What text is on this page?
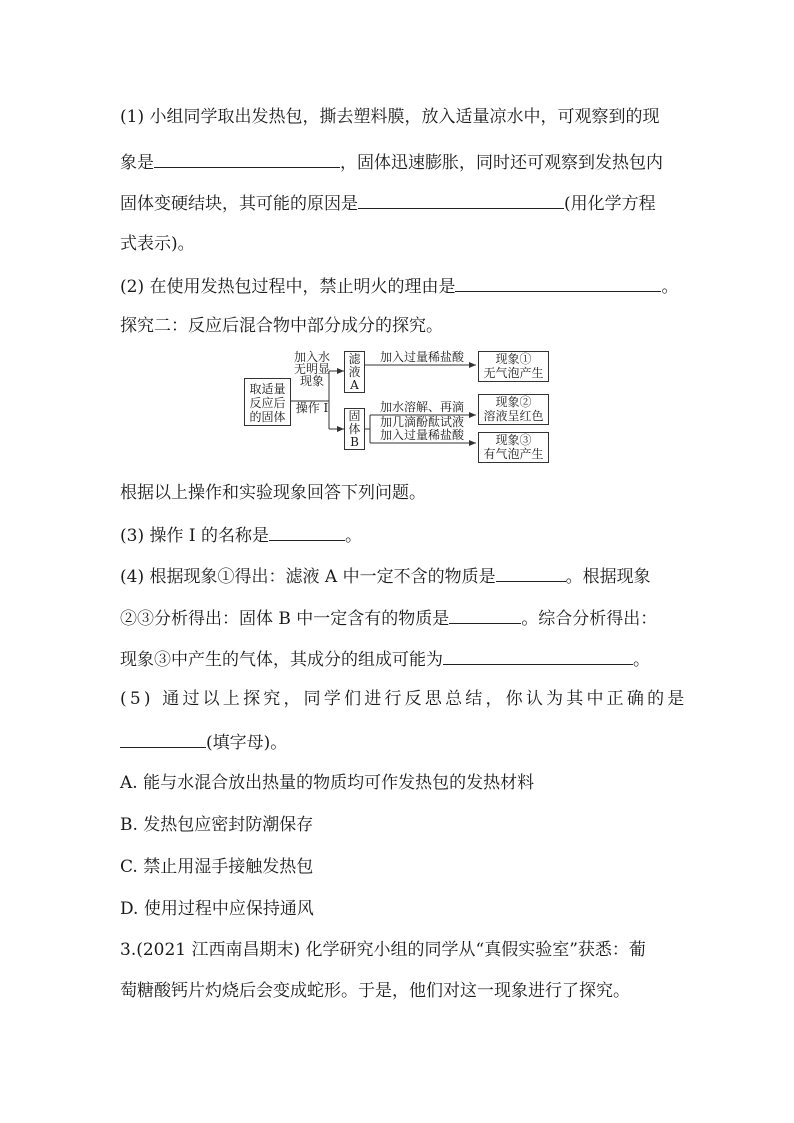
(1) 小组同学取出发热包，撕去塑料膜，放入适量凉水中，可观察到的现
象是	，固体迅速膨胀，同时还可观察到发热包内
固体变硬结块，其可能的原因是	(用化学方程
式表示)。
(2) 在使用发热包过程中，禁止明火的理由是	。
探究二：反应后混合物中部分成分的探究。
取适量反应后的固体
加入水
无明显
现象
操作 I
滤液A
固体B
加入过量稀盐酸
加水溶解、再滴
加几滴酚酞试液
加入过量稀盐酸
现象①
无气泡产生
现象②
溶液呈红色
现象③
有气泡产生
根据以上操作和实验现象回答下列问题。
(3) 操作 I 的名称是	。
(4) 根据现象①得出：滤液 A 中一定不含的物质是	。根据现象
②③分析得出：固体 B 中一定含有的物质是	。综合分析得出：
现象③中产生的气体，其成分的组成可能为	。
(5) 通过以上探究，同学们进行反思总结，你认为其中正确的是
(填字母)。
A. 能与水混合放出热量的物质均可作发热包的发热材料
B. 发热包应密封防潮保存
C. 禁止用湿手接触发热包
D. 使用过程中应保持通风
3.(2021 江西南昌期末) 化学研究小组的同学从“真假实验室”获悉：葡
萄糖酸钙片灼烧后会变成蛇形。于是，他们对这一现象进行了探究。
